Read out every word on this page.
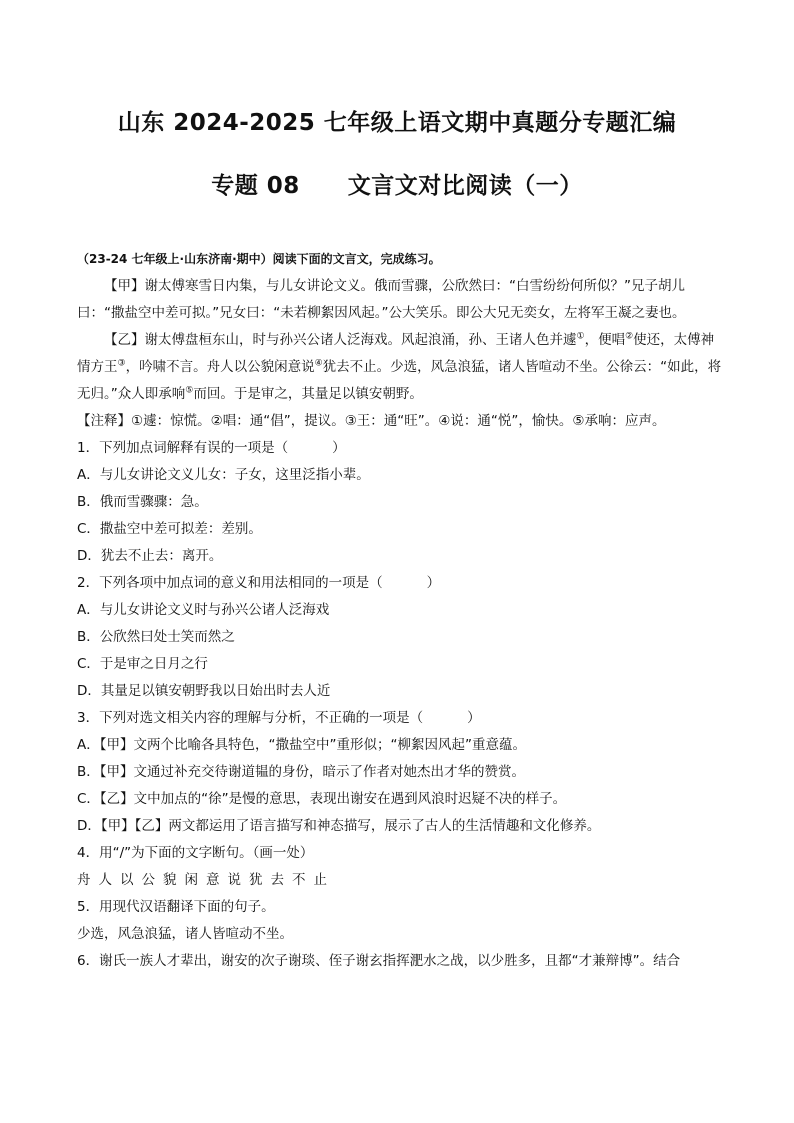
山东 2024-2025 七年级上语文期中真题分专题汇编
专题 08 文言文对比阅读（一）
（23-24 七年级上·山东济南·期中）阅读下面的文言文，完成练习。
【甲】谢太傅寒雪日内集，与儿女讲论文义。俄而雪骤，公欣然曰：“白雪纷纷何所似？”兄子胡儿曰：“撒盐空中差可拟。”兄女曰：“未若柳絮因风起。”公大笑乐。即公大兄无奕女，左将军王凝之妻也。
【乙】谢太傅盘桓东山，时与孙兴公诸人泛海戏。风起浪涌，孙、王诸人色并遽①，便唱②使还，太傅神情方王③，吟啸不言。舟人以公貌闲意说④犹去不止。少选，风急浪猛，诸人皆喧动不坐。公徐云：“如此，将无归。”众人即承响⑤而回。于是审之，其量足以镇安朝野。
【注释】①遽：惊慌。②唱：通“倡”，提议。③王：通“旺”。④说：通“悦”，愉快。⑤承响：应声。
1．下列加点词解释有误的一项是（	）
A．与儿女讲论文义儿女：子女，这里泛指小辈。
B．俄而雪骤骤：急。
C．撒盐空中差可拟差：差别。
D．犹去不止去：离开。
2．下列各项中加点词的意义和用法相同的一项是（	）
A．与儿女讲论文义时与孙兴公诸人泛海戏
B．公欣然曰处士笑而然之
C．于是审之日月之行
D．其量足以镇安朝野我以日始出时去人近
3．下列对选文相关内容的理解与分析，不正确的一项是（	）
A．【甲】文两个比喻各具特色，“撒盐空中”重形似；“柳絮因风起”重意蕴。
B．【甲】文通过补充交待谢道韫的身份，暗示了作者对她杰出才华的赞赏。
C．【乙】文中加点的“徐”是慢的意思，表现出谢安在遇到风浪时迟疑不决的样子。
D．【甲】【乙】两文都运用了语言描写和神态描写，展示了古人的生活情趣和文化修养。
4．用“/”为下面的文字断句。（画一处）
舟人以公貌闲意说犹去不止
5．用现代汉语翻译下面的句子。
少选，风急浪猛，诸人皆喧动不坐。
6．谢氏一族人才辈出，谢安的次子谢琰、侄子谢玄指挥淝水之战，以少胜多，且都“才兼辩博”。结合
